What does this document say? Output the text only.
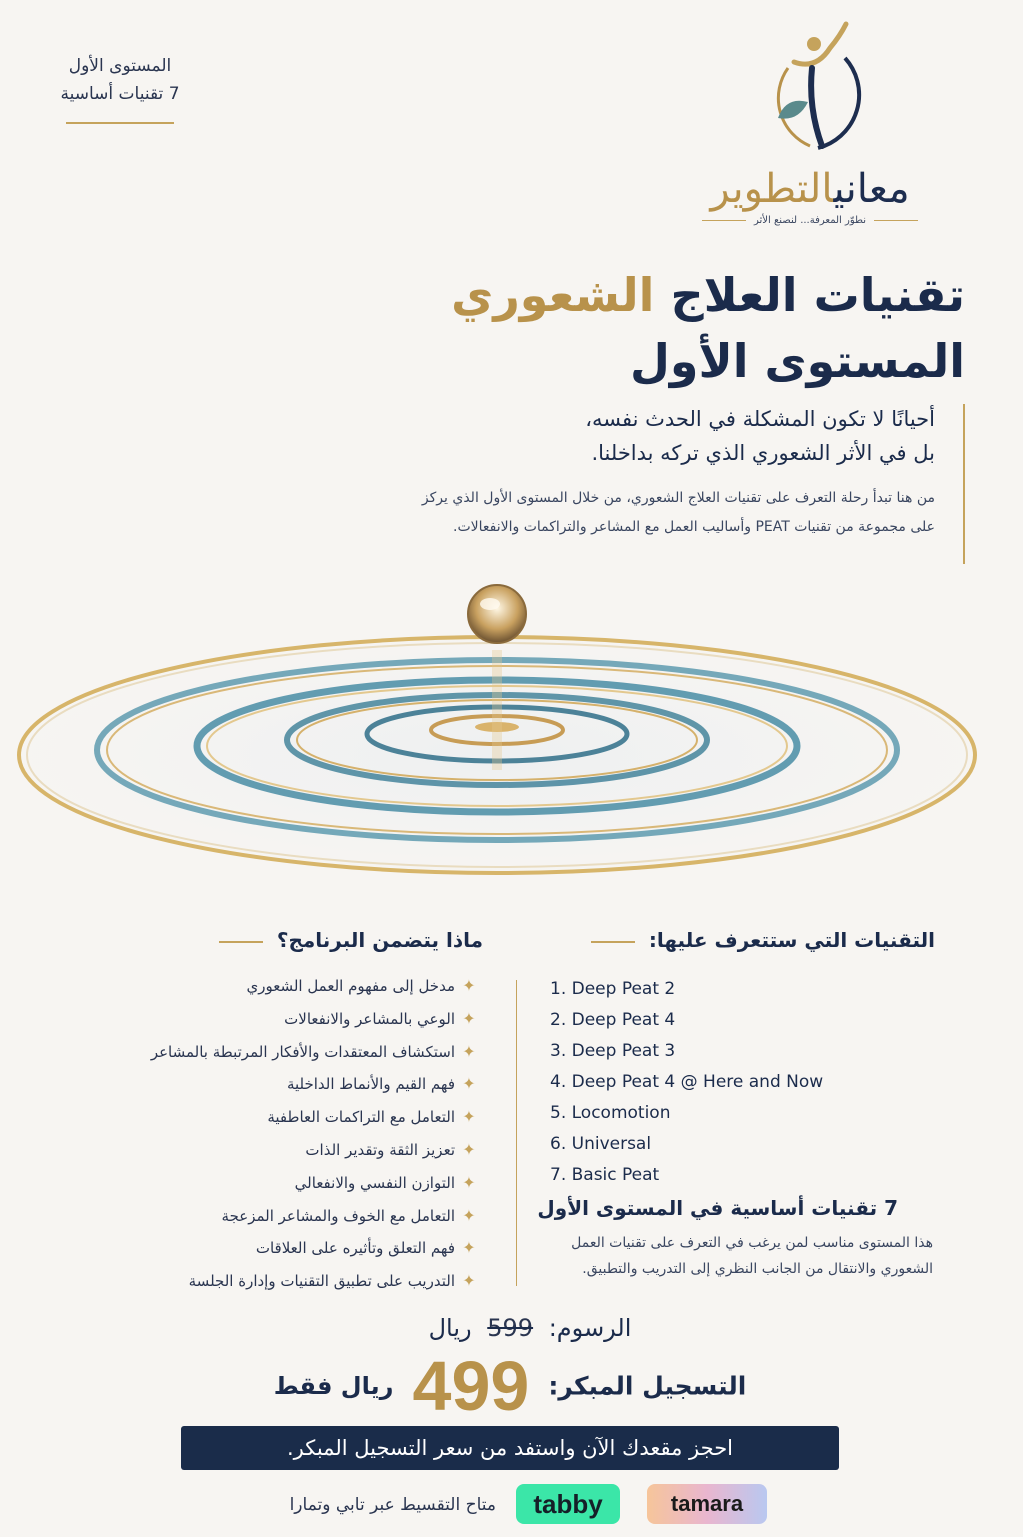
المستوى الأول
7 تقنيات أساسية
معانيالتطوير
نطوّر المعرفة... لنصنع الأثر
تقنيات العلاج الشعوري
المستوى الأول
أحيانًا لا تكون المشكلة في الحدث نفسه،
بل في الأثر الشعوري الذي تركه بداخلنا.
من هنا تبدأ رحلة التعرف على تقنيات العلاج الشعوري، من خلال المستوى الأول الذي يركز على مجموعة من تقنيات PEAT وأساليب العمل مع المشاعر والتراكمات والانفعالات.
التقنيات التي ستتعرف عليها:
1. Deep Peat 2
2. Deep Peat 4
3. Deep Peat 3
4. Deep Peat 4 @ Here and Now
5. Locomotion
6. Universal
7. Basic Peat
7 تقنيات أساسية في المستوى الأول
هذا المستوى مناسب لمن يرغب في التعرف على تقنيات العمل الشعوري والانتقال من الجانب النظري إلى التدريب والتطبيق.
ماذا يتضمن البرنامج؟
✦مدخل إلى مفهوم العمل الشعوري
✦الوعي بالمشاعر والانفعالات
✦استكشاف المعتقدات والأفكار المرتبطة بالمشاعر
✦فهم القيم والأنماط الداخلية
✦التعامل مع التراكمات العاطفية
✦تعزيز الثقة وتقدير الذات
✦التوازن النفسي والانفعالي
✦التعامل مع الخوف والمشاعر المزعجة
✦فهم التعلق وتأثيره على العلاقات
✦التدريب على تطبيق التقنيات وإدارة الجلسة
الرسوم: 599 ريال
التسجيل المبكر: 499 ريال فقط
احجز مقعدك الآن واستفد من سعر التسجيل المبكر.
متاح التقسيط عبر تابي وتمارا	tabby	tamara
